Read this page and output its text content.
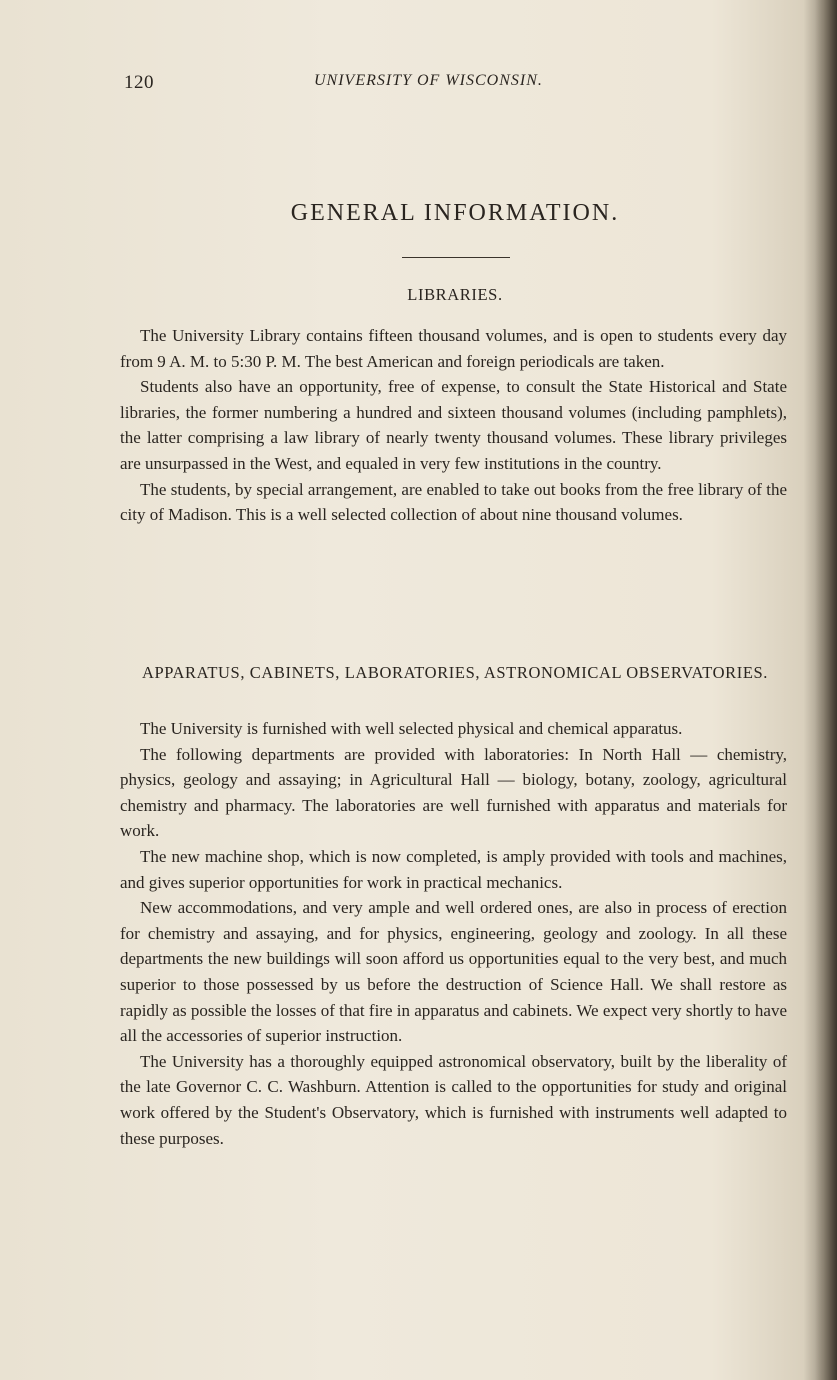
120	UNIVERSITY OF WISCONSIN.
GENERAL INFORMATION.
LIBRARIES.

The University Library contains fifteen thousand volumes, and is open to students every day from 9 A. M. to 5:30 P. M. The best American and foreign periodicals are taken.

Students also have an opportunity, free of expense, to consult the State Historical and State libraries, the former numbering a hundred and sixteen thousand volumes (including pamphlets), the latter comprising a law library of nearly twenty thousand volumes. These library privileges are unsurpassed in the West, and equaled in very few institutions in the country.

The students, by special arrangement, are enabled to take out books from the free library of the city of Madison. This is a well selected collection of about nine thousand volumes.

APPARATUS, CABINETS, LABORATORIES, ASTRONOMICAL OBSERVATORIES.

The University is furnished with well selected physical and chemical apparatus.

The following departments are provided with laboratories: In North Hall — chemistry, physics, geology and assaying; in Agricultural Hall — biology, botany, zoology, agricultural chemistry and pharmacy. The laboratories are well furnished with apparatus and materials for work.

The new machine shop, which is now completed, is amply provided with tools and machines, and gives superior opportunities for work in practical mechanics.

New accommodations, and very ample and well ordered ones, are also in process of erection for chemistry and assaying, and for physics, engineering, geology and zoology. In all these departments the new buildings will soon afford us opportunities equal to the very best, and much superior to those possessed by us before the destruction of Science Hall. We shall restore as rapidly as possible the losses of that fire in apparatus and cabinets. We expect very shortly to have all the accessories of superior instruction.

The University has a thoroughly equipped astronomical observatory, built by the liberality of the late Governor C. C. Washburn. Attention is called to the opportunities for study and original work offered by the Student's Observatory, which is furnished with instruments well adapted to these purposes.
